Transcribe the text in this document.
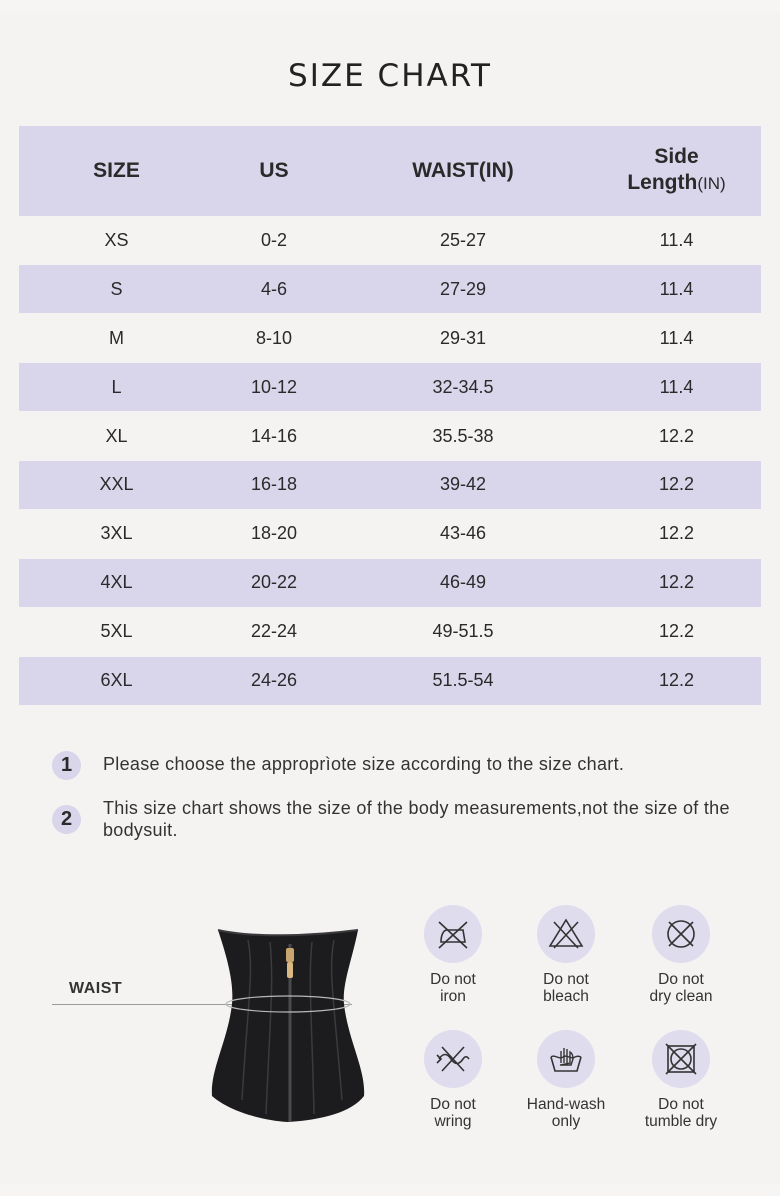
SIZE CHART
SIZE	US	WAIST(IN)	Side
Length(IN)
XS	0-2	25-27	11.4
S	4-6	27-29	11.4
M	8-10	29-31	11.4
L	10-12	32-34.5	11.4
XL	14-16	35.5-38	12.2
XXL	16-18	39-42	12.2
3XL	18-20	43-46	12.2
4XL	20-22	46-49	12.2
5XL	22-24	49-51.5	12.2
6XL	24-26	51.5-54	12.2
1	Please choose the approprìote size according to the size chart.
2	This size chart shows the size of the body measurements,not the size of the bodysuit.
WAIST
Do not
iron
Do not
bleach
Do not
dry clean
Do not
wring
Hand-wash
only
Do not
tumble dry
